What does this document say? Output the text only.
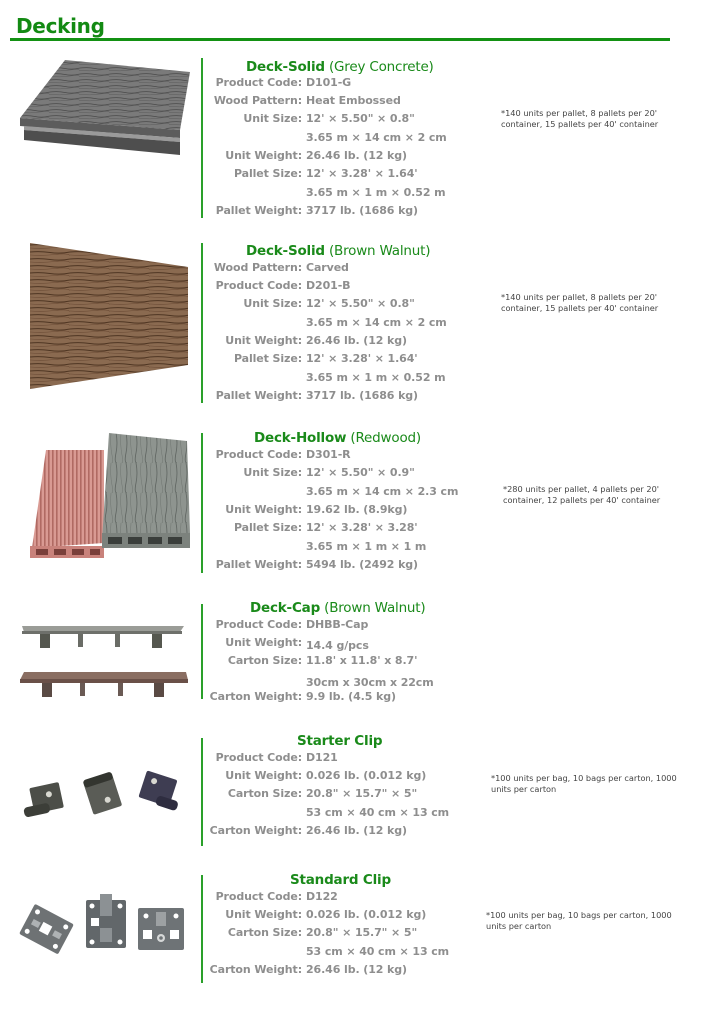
Decking
Deck-Solid (Grey Concrete)
Product Code:
Wood Pattern:
Unit Size:
Unit Weight:
Pallet Size:
Pallet Weight:
D101-G
Heat Embossed
12' × 5.50" × 0.8"
3.65 m × 14 cm × 2 cm
26.46 lb. (12 kg)
12' × 3.28' × 1.64'
3.65 m × 1 m × 0.52 m
3717 lb. (1686 kg)
*140 units per pallet, 8 pallets per 20' container, 15 pallets per 40' container
Deck-Solid (Brown Walnut)
Wood Pattern:
Product Code:
Unit Size:
Unit Weight:
Pallet Size:
Pallet Weight:
Carved
D201-B
12' × 5.50" × 0.8"
3.65 m × 14 cm × 2 cm
26.46 lb. (12 kg)
12' × 3.28' × 1.64'
3.65 m × 1 m × 0.52 m
3717 lb. (1686 kg)
*140 units per pallet, 8 pallets per 20' container, 15 pallets per 40' container
Deck-Hollow (Redwood)
Product Code:
Unit Size:
Unit Weight:
Pallet Size:
Pallet Weight:
D301-R
12' × 5.50" × 0.9"
3.65 m × 14 cm × 2.3 cm
19.62 lb. (8.9kg)
12' × 3.28' × 3.28'
3.65 m × 1 m × 1 m
5494 lb. (2492 kg)
*280 units per pallet, 4 pallets per 20' container, 12 pallets per 40' container
Deck-Cap (Brown Walnut)
Product Code:
Unit Weight:
Carton Size:
Carton Weight:
DHBB-Cap
14.4 g/pcs
11.8' x 11.8' x 8.7'
30cm x 30cm x 22cm
9.9 lb. (4.5 kg)
Starter Clip
Product Code:
Unit Weight:
Carton Size:
Carton Weight:
D121
0.026 lb. (0.012 kg)
20.8" × 15.7" × 5"
53 cm × 40 cm × 13 cm
26.46 lb. (12 kg)
*100 units per bag, 10 bags per carton, 1000 units per carton
Standard Clip
Product Code:
Unit Weight:
Carton Size:
Carton Weight:
D122
0.026 lb. (0.012 kg)
20.8" × 15.7" × 5"
53 cm × 40 cm × 13 cm
26.46 lb. (12 kg)
*100 units per bag, 10 bags per carton, 1000 units per carton
